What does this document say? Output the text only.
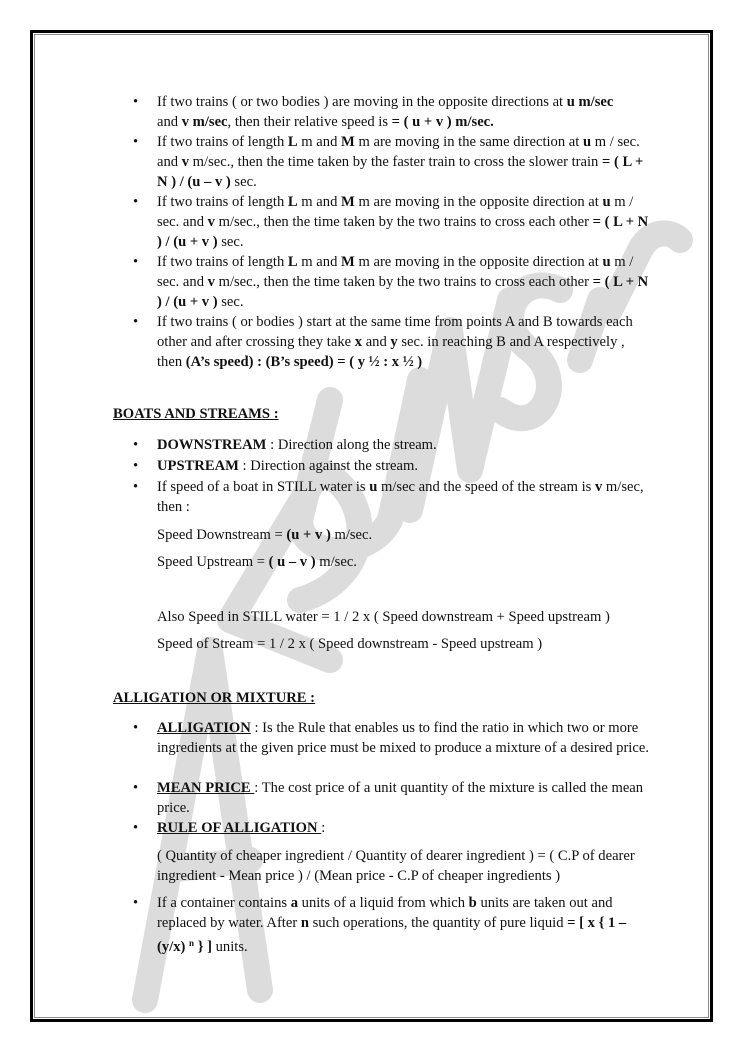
•	If two trains ( or two bodies ) are moving in the opposite directions at u m/sec
and v m/sec, then their relative speed is = ( u + v ) m/sec.
•	If two trains of length L m and M m are moving in the same direction at u m / sec. and v m/sec., then the time taken by the faster train to cross the slower train = ( L + N ) / (u – v ) sec.
•	If two trains of length L m and M m are moving in the opposite direction at u m / sec. and v m/sec., then the time taken by the two trains to cross each other = ( L + N ) / (u + v ) sec.
•	If two trains of length L m and M m are moving in the opposite direction at u m / sec. and v m/sec., then the time taken by the two trains to cross each other = ( L + N ) / (u + v ) sec.
•	If two trains ( or bodies ) start at the same time from points A and B towards each other and after crossing they take x and y sec. in reaching B and A respectively , then (A’s speed) : (B’s speed) = ( y ½ : x ½ )
BOATS AND STREAMS :
•	DOWNSTREAM : Direction along the stream.
•	UPSTREAM : Direction against the stream.
•	If speed of a boat in STILL water is u m/sec and the speed of the stream is v m/sec, then :
Speed Downstream = (u + v ) m/sec.
Speed Upstream = ( u – v ) m/sec.
Also Speed in STILL water = 1 / 2 x ( Speed downstream + Speed upstream )
Speed of Stream = 1 / 2 x ( Speed downstream - Speed upstream )
ALLIGATION OR MIXTURE :
•	ALLIGATION : Is the Rule that enables us to find the ratio in which two or more ingredients at the given price must be mixed to produce a mixture of a desired price.
•	MEAN PRICE : The cost price of a unit quantity of the mixture is called the mean price.
•	RULE OF ALLIGATION :
( Quantity of cheaper ingredient / Quantity of dearer ingredient ) = ( C.P of dearer ingredient - Mean price ) / (Mean price - C.P of cheaper ingredients )
•	If a container contains a units of a liquid from which b units are taken out and replaced by water. After n such operations, the quantity of pure liquid = [ x { 1 – (y/x) $^n$ } ] units.
